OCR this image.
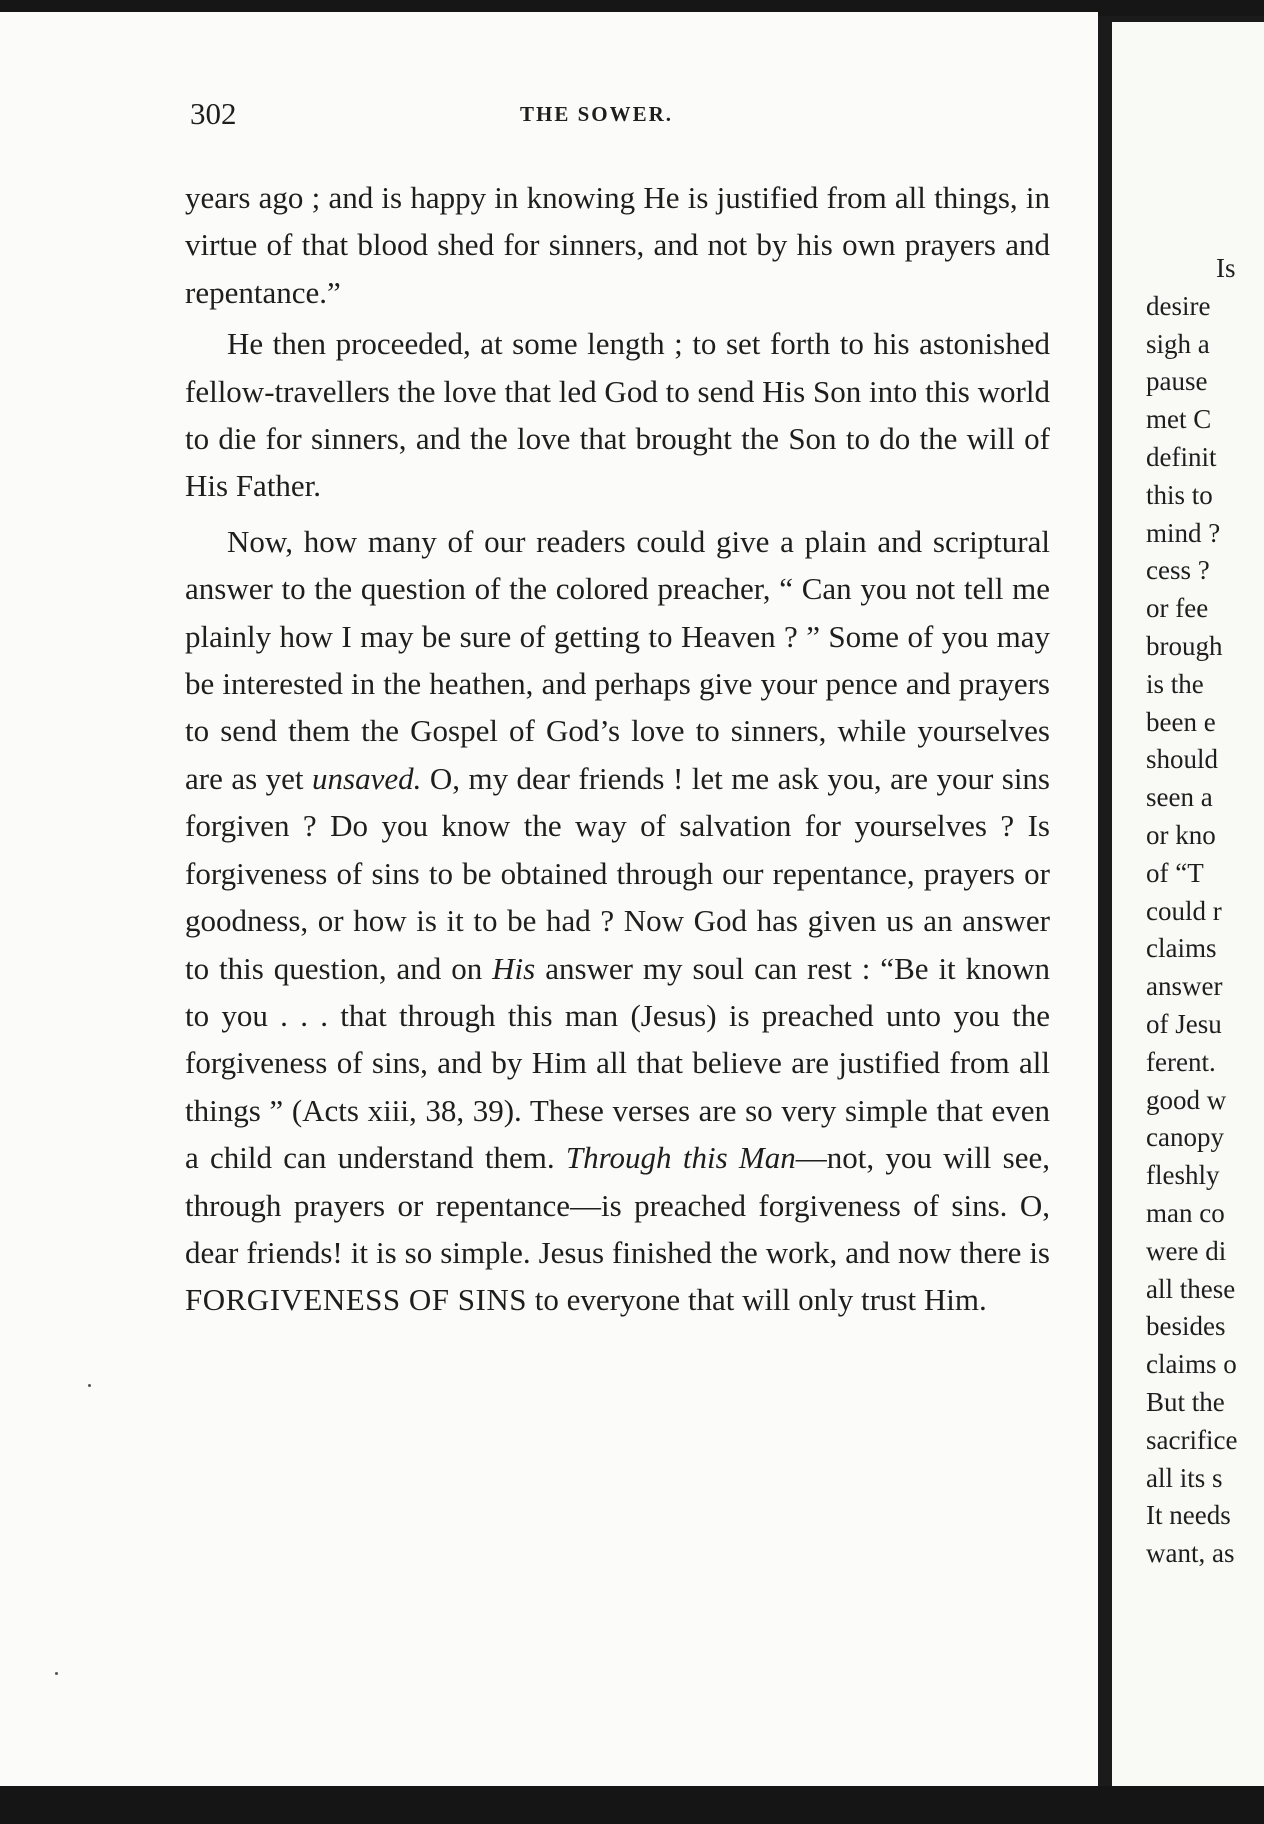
302	THE SOWER.

years ago ; and is happy in knowing He is justified from all things, in virtue of that blood shed for sinners, and not by his own prayers and repentance.”

He then proceeded, at some length ; to set forth to his astonished fellow-travellers the love that led God to send His Son into this world to die for sinners, and the love that brought the Son to do the will of His Father.

Now, how many of our readers could give a plain and scriptural answer to the question of the colored preacher, “ Can you not tell me plainly how I may be sure of getting to Heaven ? ” Some of you may be interested in the heathen, and perhaps give your pence and prayers to send them the Gospel of God’s love to sinners, while yourselves are as yet unsaved. O, my dear friends ! let me ask you, are your sins forgiven ? Do you know the way of salvation for yourselves ? Is forgiveness of sins to be obtained through our repentance, prayers or goodness, or how is it to be had ? Now God has given us an answer to this question, and on His answer my soul can rest : “Be it known to you . . . that through this man (Jesus) is preached unto you the forgiveness of sins, and by Him all that believe are justified from all things ” (Acts xiii, 38, 39). These verses are so very simple that even a child can understand them. Through this Man—not, you will see, through prayers or repentance—is preached forgiveness of sins. O, dear friends! it is so simple. Jesus finished the work, and now there is FORGIVENESS OF SINS to everyone that will only trust Him.

Is
desire
sigh a
pause
met C
definit
this to
mind ?
cess ?
or fee
brough
is the
been e
should
seen a
or kno
of “T
could r
claims
answer
of Jesu
ferent.
good w
canopy
fleshly
man co
were di
all these
besides
claims o
But the
sacrifice
all its s
It needs
want, as
